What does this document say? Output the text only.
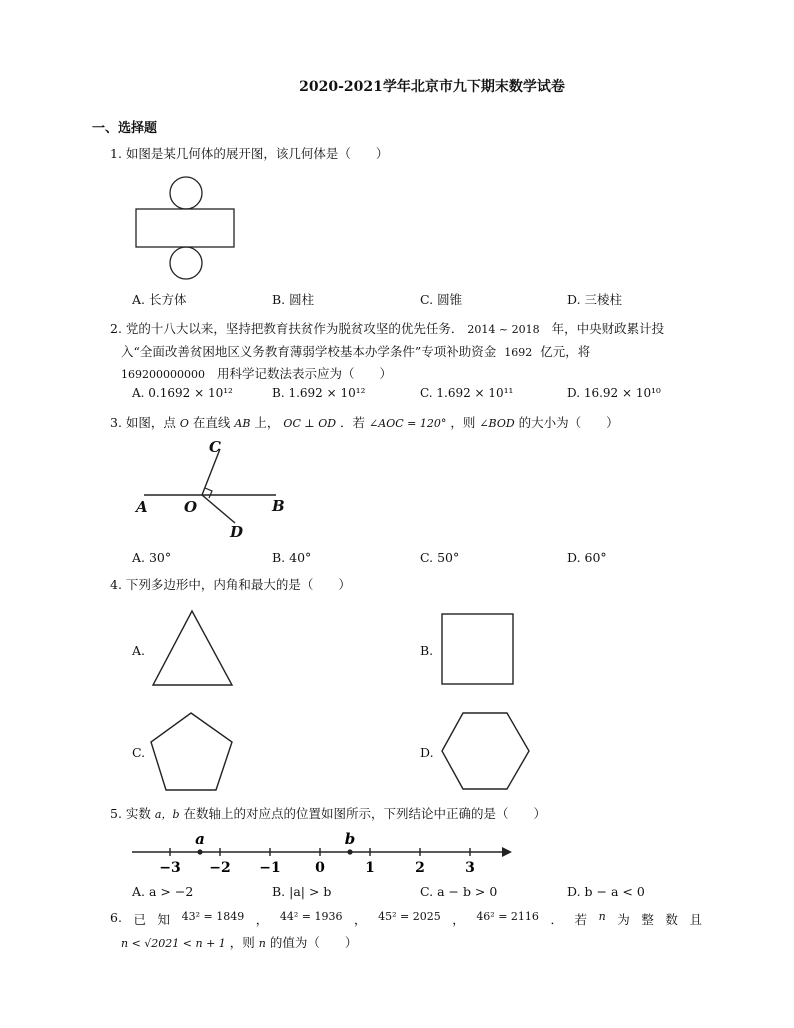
2020-2021学年北京市九下期末数学试卷
一、选择题
1. 如图是某几何体的展开图，该几何体是（　　）
A. 长方体	B. 圆柱	C. 圆锥	D. 三棱柱
2. 党的十八大以来，坚持把教育扶贫作为脱贫攻坚的优先任务． 2014 ~ 2018 年，中央财政累计投
入“全面改善贫困地区义务教育薄弱学校基本办学条件”专项补助资金 1692 亿元，将
169200000000 用科学记数法表示应为（　　）
A. 0.1692 × 10¹²	B. 1.692 × 10¹²	C. 1.692 × 10¹¹	D. 16.92 × 10¹⁰
3. 如图，点 O 在直线 AB 上， OC ⊥ OD ．若 ∠AOC = 120° ，则 ∠BOD 的大小为（　　）
A O	B
C
D
A. 30°	B. 40°	C. 50°	D. 60°
4. 下列多边形中，内角和最大的是（　　）
A.	B.
C.	D.
5. 实数 a，b 在数轴上的对应点的位置如图所示，下列结论中正确的是（　　）
−3 −2 −1 0	1	2	3
a	b
A. a > −2	B. |a| > b	C. a − b > 0	D. b − a < 0
6. 已 知 43² = 1849 ， 44² = 1936 ， 45² = 2025 ， 46² = 2116 ． 若 n 为 整 数 且
n < √2021 < n + 1 ，则 n 的值为（　　）
